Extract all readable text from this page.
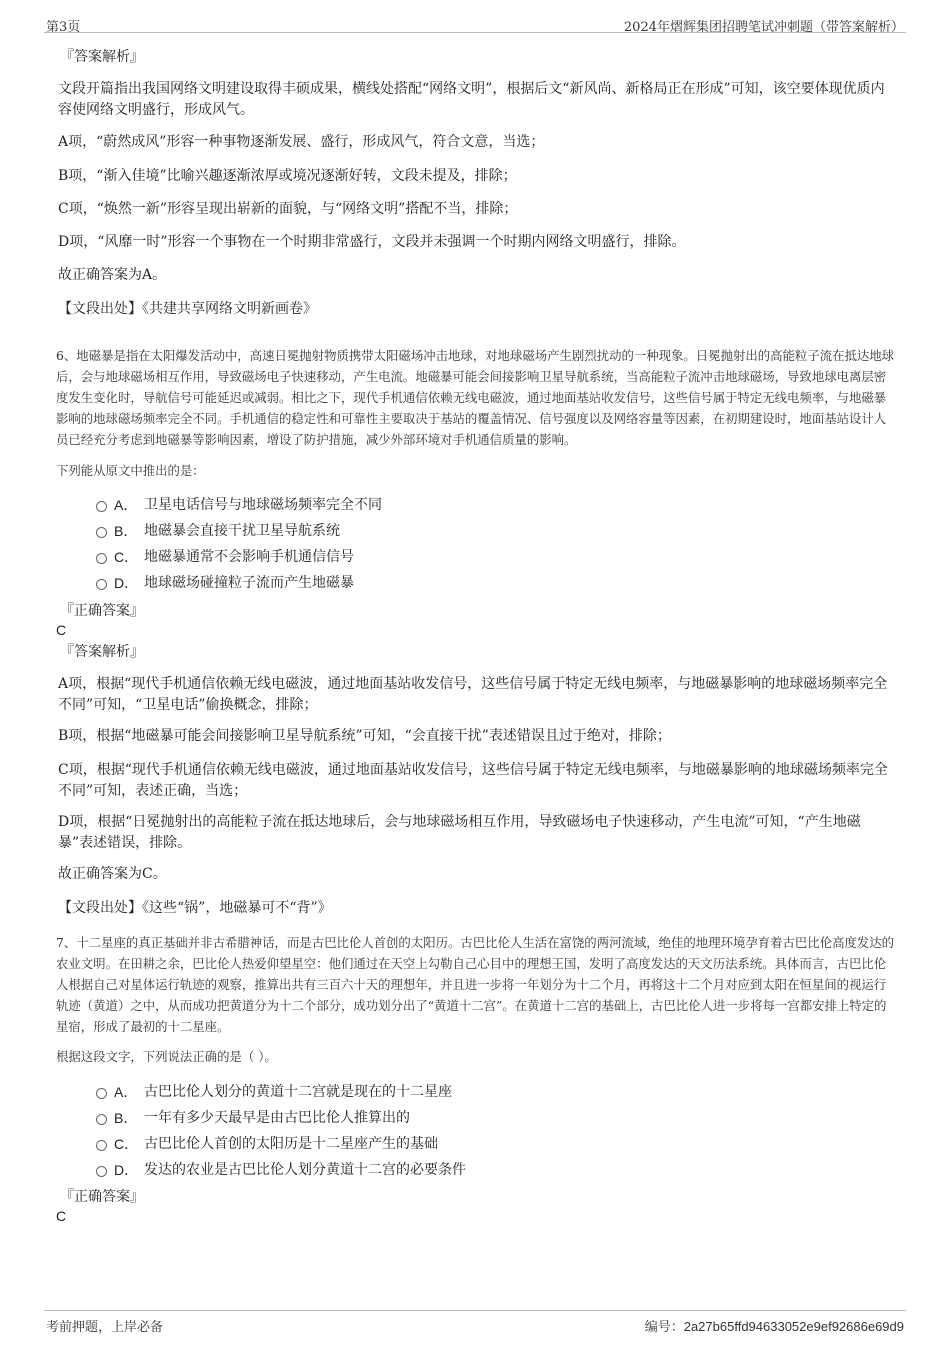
第3页	2024年熠辉集团招聘笔试冲刺题（带答案解析）
『答案解析』
文段开篇指出我国网络文明建设取得丰硕成果，横线处搭配“网络文明”，根据后文“新风尚、新格局正在形成”可知，该空要体现优质内容使网络文明盛行，形成风气。
A项，“蔚然成风”形容一种事物逐渐发展、盛行，形成风气，符合文意，当选；
B项，“渐入佳境”比喻兴趣逐渐浓厚或境况逐渐好转，文段未提及，排除；
C项，“焕然一新”形容呈现出崭新的面貌，与“网络文明”搭配不当，排除；
D项，“风靡一时”形容一个事物在一个时期非常盛行，文段并未强调一个时期内网络文明盛行，排除。
故正确答案为A。
【文段出处】《共建共享网络文明新画卷》
6、地磁暴是指在太阳爆发活动中，高速日冕抛射物质携带太阳磁场冲击地球，对地球磁场产生剧烈扰动的一种现象。日冕抛射出的高能粒子流在抵达地球后，会与地球磁场相互作用，导致磁场电子快速移动，产生电流。地磁暴可能会间接影响卫星导航系统，当高能粒子流冲击地球磁场，导致地球电离层密度发生变化时，导航信号可能延迟或减弱。相比之下，现代手机通信依赖无线电磁波，通过地面基站收发信号，这些信号属于特定无线电频率，与地磁暴影响的地球磁场频率完全不同。手机通信的稳定性和可靠性主要取决于基站的覆盖情况、信号强度以及网络容量等因素，在初期建设时，地面基站设计人员已经充分考虑到地磁暴等影响因素，增设了防护措施，减少外部环境对手机通信质量的影响。
下列能从原文中推出的是：
A． 卫星电话信号与地球磁场频率完全不同
B． 地磁暴会直接干扰卫星导航系统
C． 地磁暴通常不会影响手机通信信号
D． 地球磁场碰撞粒子流而产生地磁暴
『正确答案』
C
『答案解析』
A项，根据“现代手机通信依赖无线电磁波，通过地面基站收发信号，这些信号属于特定无线电频率，与地磁暴影响的地球磁场频率完全不同”可知，“卫星电话”偷换概念，排除；
B项，根据“地磁暴可能会间接影响卫星导航系统”可知，“会直接干扰”表述错误且过于绝对，排除；
C项，根据“现代手机通信依赖无线电磁波，通过地面基站收发信号，这些信号属于特定无线电频率，与地磁暴影响的地球磁场频率完全不同”可知，表述正确，当选；
D项，根据“日冕抛射出的高能粒子流在抵达地球后，会与地球磁场相互作用，导致磁场电子快速移动，产生电流”可知，“产生地磁暴”表述错误，排除。
故正确答案为C。
【文段出处】《这些“锅”，地磁暴可不“背”》
7、十二星座的真正基础并非古希腊神话，而是古巴比伦人首创的太阳历。古巴比伦人生活在富饶的两河流域，绝佳的地理环境孕育着古巴比伦高度发达的农业文明。在田耕之余，巴比伦人热爱仰望星空：他们通过在天空上勾勒自己心目中的理想王国，发明了高度发达的天文历法系统。具体而言，古巴比伦人根据自己对星体运行轨迹的观察，推算出共有三百六十天的理想年，并且进一步将一年划分为十二个月，再将这十二个月对应到太阳在恒星间的视运行轨迹（黄道）之中，从而成功把黄道分为十二个部分，成功划分出了“黄道十二宫”。在黄道十二宫的基础上，古巴比伦人进一步将每一宫都安排上特定的星宿，形成了最初的十二星座。
根据这段文字，下列说法正确的是（ ）。
A． 古巴比伦人划分的黄道十二宫就是现在的十二星座
B． 一年有多少天最早是由古巴比伦人推算出的
C． 古巴比伦人首创的太阳历是十二星座产生的基础
D． 发达的农业是古巴比伦人划分黄道十二宫的必要条件
『正确答案』
C
考前押题，上岸必备	编号：2a27b65ffd94633052e9ef92686e69d9
